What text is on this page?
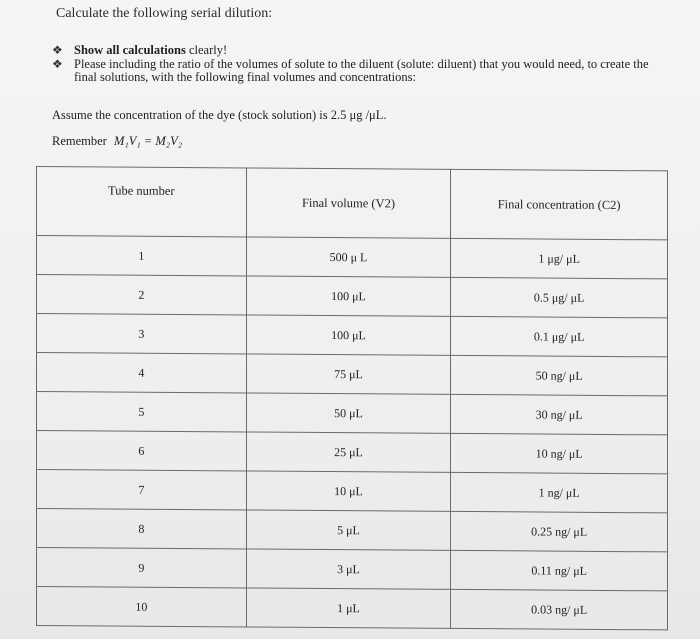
Calculate the following serial dilution:
❖ Show all calculations clearly!
❖ Please including the ratio of the volumes of solute to the diluent (solute: diluent) that you would need, to create the final solutions, with the following final volumes and concentrations:
Assume the concentration of the dye (stock solution) is 2.5 μg /μL.
Remember M₁V₁ = M₂V₂
Tube number	Final volume (V2)	Final concentration (C2)
1	500 μ L	1 μg/ μL
2	100 μL	0.5 μg/ μL
3	100 μL	0.1 μg/ μL
4	75 μL	50 ng/ μL
5	50 μL	30 ng/ μL
6	25 μL	10 ng/ μL
7	10 μL	1 ng/ μL
8	5 μL	0.25 ng/ μL
9	3 μL	0.11 ng/ μL
10	1 μL	0.03 ng/ μL
